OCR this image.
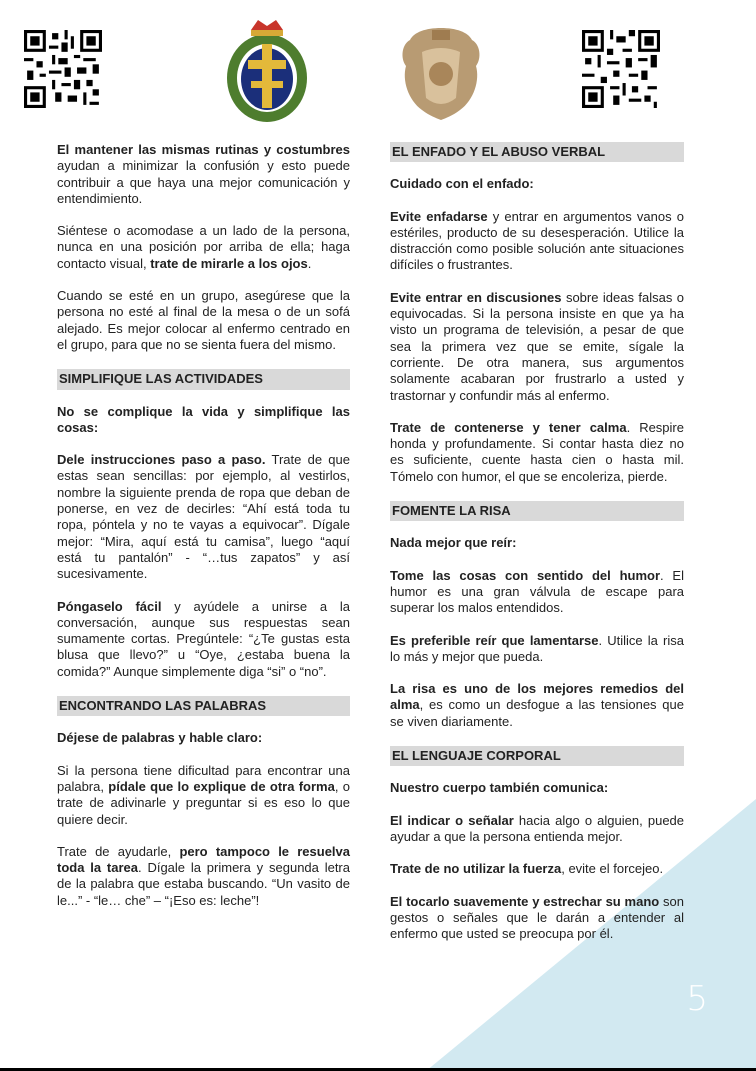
5

El mantener las mismas rutinas y costumbres ayudan a minimizar la confusión y esto puede contribuir a que haya una mejor comunicación y entendimiento.

Siéntese o acomodase a un lado de la persona, nunca en una posición por arriba de ella; haga contacto visual, trate de mirarle a los ojos.

Cuando se esté en un grupo, asegúrese que la persona no esté al final de la mesa o de un sofá alejado. Es mejor colocar al enfermo centrado en el grupo, para que no se sienta fuera del mismo.

SIMPLIFIQUE LAS ACTIVIDADES

No se complique la vida y simplifique las cosas:

Dele instrucciones paso a paso. Trate de que estas sean sencillas: por ejemplo, al vestirlos, nombre la siguiente prenda de ropa que deban de ponerse, en vez de decirles: “Ahí está toda tu ropa, póntela y no te vayas a equivocar”. Dígale mejor: “Mira, aquí está tu camisa”, luego “aquí está tu pantalón” - “…tus zapatos” y así sucesivamente.

Póngaselo fácil y ayúdele a unirse a la conversación, aunque sus respuestas sean sumamente cortas. Pregúntele: “¿Te gustas esta blusa que llevo?” u “Oye, ¿estaba buena la comida?” Aunque simplemente diga “si” o “no”.

ENCONTRANDO LAS PALABRAS

Déjese de palabras y hable claro:

Si la persona tiene dificultad para encontrar una palabra, pídale que lo explique de otra forma, o trate de adivinarle y preguntar si es eso lo que quiere decir.

Trate de ayudarle, pero tampoco le resuelva toda la tarea. Dígale la primera y segunda letra de la palabra que estaba buscando. “Un vasito de le...” - “le… che” – “¡Eso es: leche”!

EL ENFADO Y EL ABUSO VERBAL

Cuidado con el enfado:

Evite enfadarse y entrar en argumentos vanos o estériles, producto de su desesperación. Utilice la distracción como posible solución ante situaciones difíciles o frustrantes.

Evite entrar en discusiones sobre ideas falsas o equivocadas. Si la persona insiste en que ya ha visto un programa de televisión, a pesar de que sea la primera vez que se emite, sígale la corriente. De otra manera, sus argumentos solamente acabaran por frustrarlo a usted y trastornar y confundir más al enfermo.

Trate de contenerse y tener calma. Respire honda y profundamente. Si contar hasta diez no es suficiente, cuente hasta cien o hasta mil. Tómelo con humor, el que se encoleriza, pierde.

FOMENTE LA RISA

Nada mejor que reír:

Tome las cosas con sentido del humor. El humor es una gran válvula de escape para superar los malos entendidos.

Es preferible reír que lamentarse. Utilice la risa lo más y mejor que pueda.

La risa es uno de los mejores remedios del alma, es como un desfogue a las tensiones que se viven diariamente.

EL LENGUAJE CORPORAL

Nuestro cuerpo también comunica:

El indicar o señalar hacia algo o alguien, puede ayudar a que la persona entienda mejor.

Trate de no utilizar la fuerza, evite el forcejeo.

El tocarlo suavemente y estrechar su mano son gestos o señales que le darán a entender al enfermo que usted se preocupa por él.
